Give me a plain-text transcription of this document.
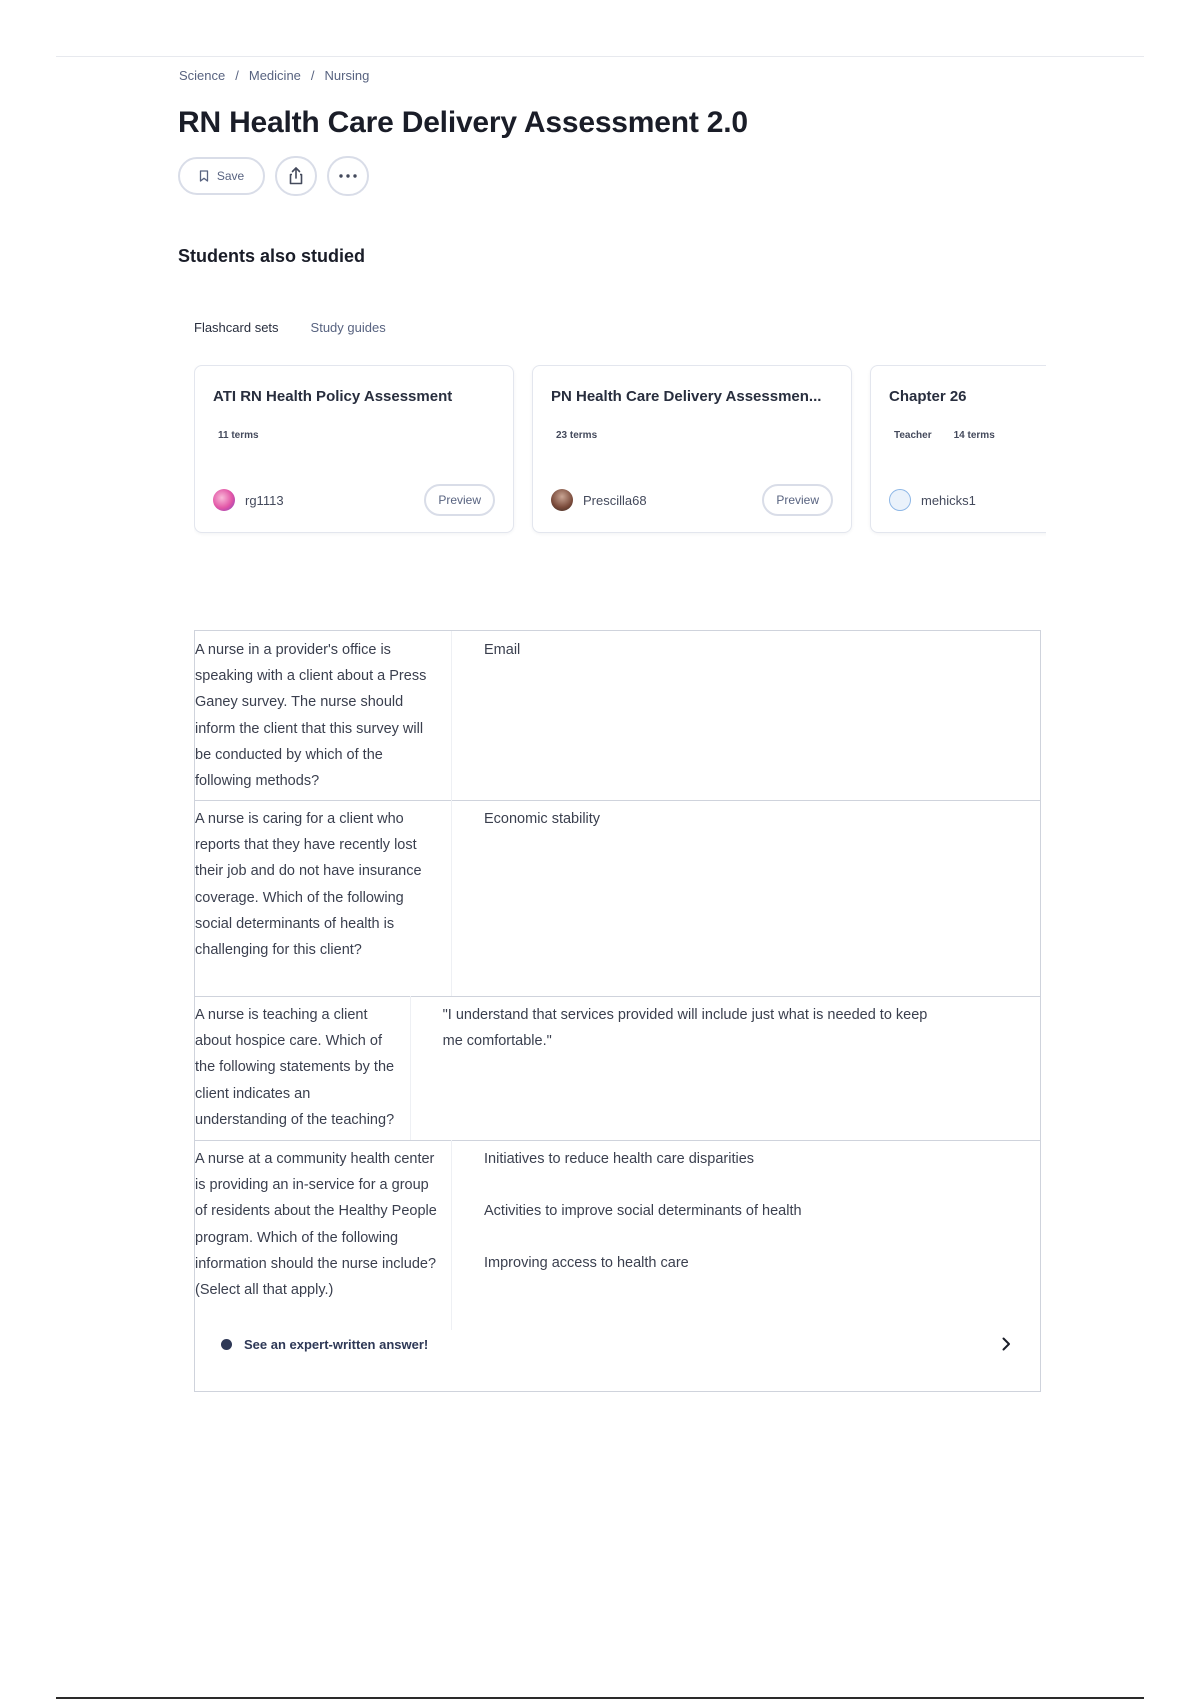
Science / Medicine / Nursing
RN Health Care Delivery Assessment 2.0
Save
Students also studied
Flashcard sets Study guides
ATI RN Health Policy Assessment
11 terms
rg1113	Preview
PN Health Care Delivery Assessmen...
23 terms
Prescilla68	Preview
Chapter 26
Teacher 14 terms
mehicks1
A nurse in a provider's office is speaking with a client about a Press Ganey survey. The nurse should inform the client that this survey will be conducted by which of the following methods?
Email
A nurse is caring for a client who reports that they have recently lost their job and do not have insurance coverage. Which of the following social determinants of health is challenging for this client?
Economic stability
A nurse is teaching a client about hospice care. Which of the following statements by the client indicates an understanding of the teaching?
"I understand that services provided will include just what is needed to keep me comfortable."
A nurse at a community health center is providing an in-service for a group of residents about the Healthy People program. Which of the following information should the nurse include? (Select all that apply.)
Initiatives to reduce health care disparities
Activities to improve social determinants of health
Improving access to health care
See an expert-written answer!
